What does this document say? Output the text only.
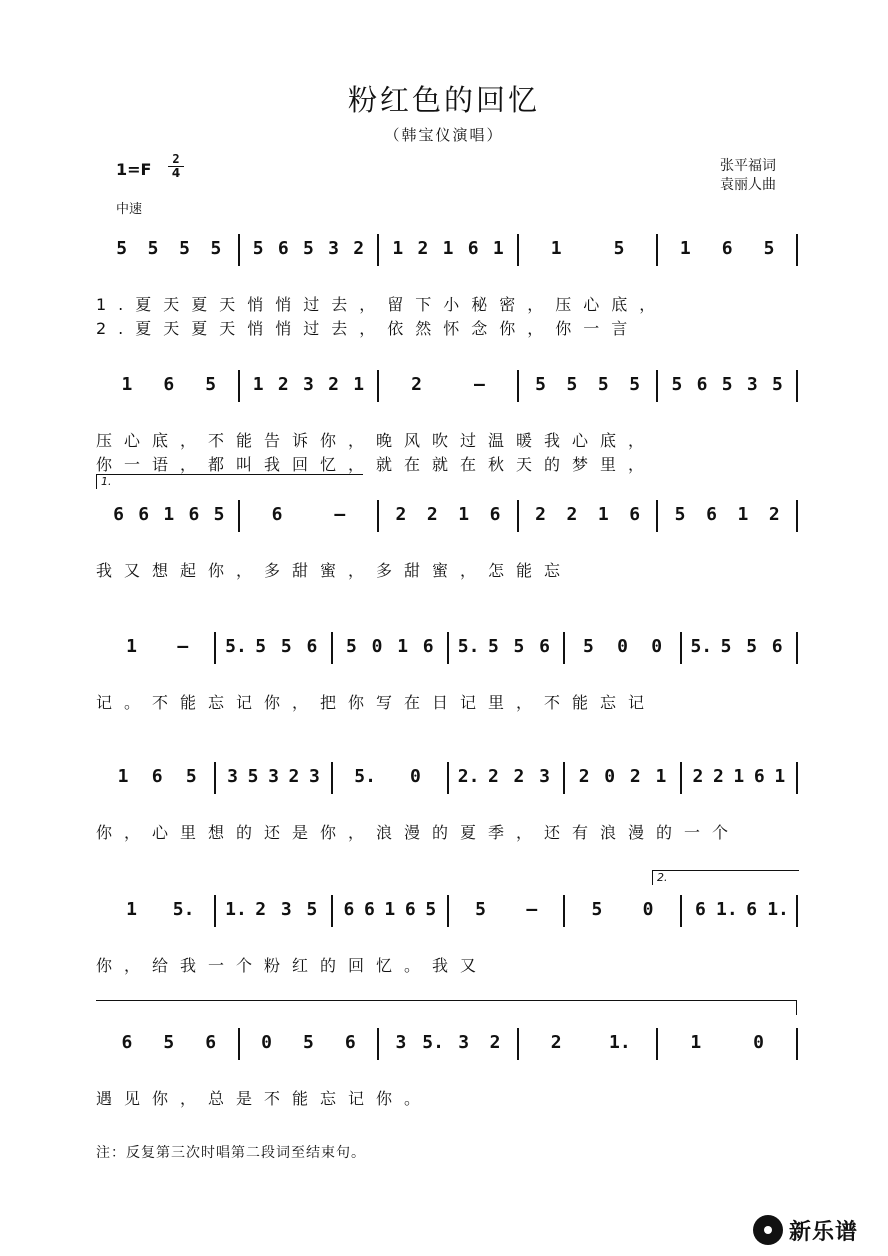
粉红色的回忆
（韩宝仪演唱）
1=F
2
4	张平福词
袁丽人曲
中速
5 5 5 5 5 6 5 3 2 1 2 1 6 1	1	5	1 6 5
1.夏天夏天悄悄过去，留下小秘密，压心底，
2.夏天夏天悄悄过去，依然怀念你，你一言
1 6 5 1 2 3 2 1	2	–	5 5 5 5 5 6 5 3 5
压心底，不能告诉你，晚风吹过温暖我心底，
你一语，都叫我回忆，就在就在秋天的梦里，
6 6 1 6 5	6	–	2 2 1 6 2 2 1 6 5 6 1 2
我又想起你，多甜蜜，多甜蜜，怎能忘
1 – 5. 5 5 6 5 0 1 6 5. 5 5 6 5 0 0 5. 5 5 6
记。不能忘记你，把你写在日记里，不能忘记
1 6 5 3 5 3 2 3 5. 0 2. 2 2 3 2 0 2 1 2 2 1 6 1
你，心里想的还是你，浪漫的夏季，还有浪漫的一个
1 5. 1. 2 3 5 6 6 1 6 5 5 –	5 0 6 1. 6 1.
你，给我一个粉红的回忆。我又
6 5 6	0 5 6 3 5. 3 2	2	1.	1	0
遇见你，总是不能忘记你。
注：反复第三次时唱第二段词至结束句。
新乐谱
1.
2.
